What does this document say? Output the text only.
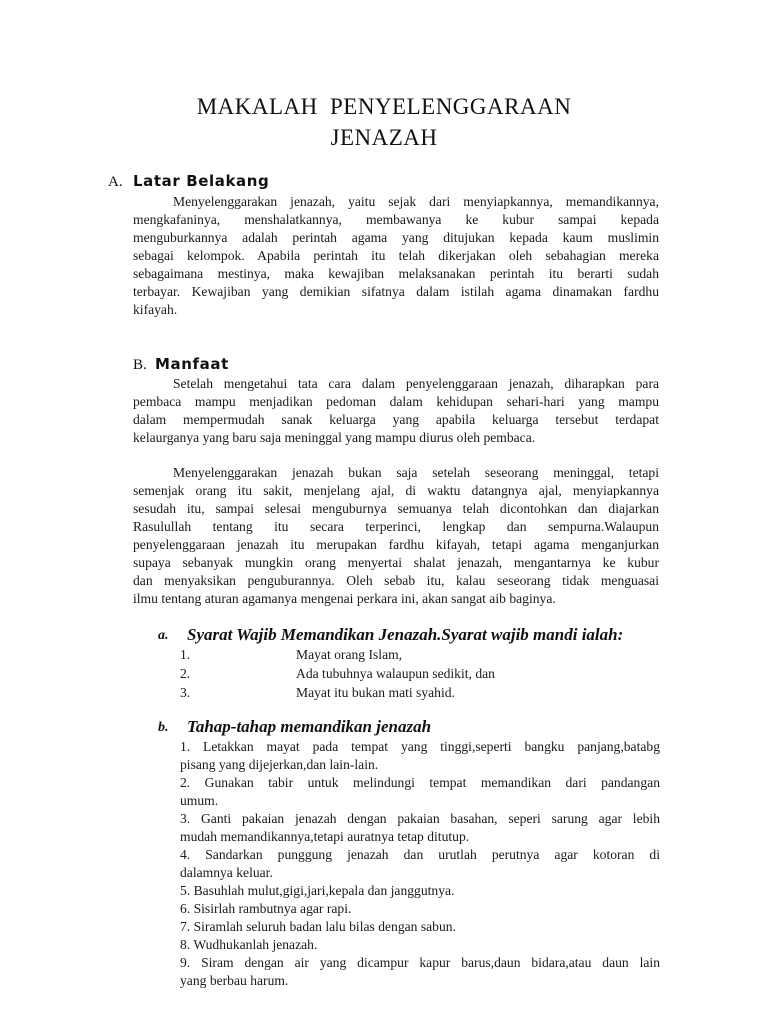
MAKALAH PENYELENGGARAAN
JENAZAH
A. Latar Belakang
Menyelenggarakan jenazah, yaitu sejak dari menyiapkannya, memandikannya,
mengkafaninya, menshalatkannya, membawanya ke kubur sampai kepada
menguburkannya adalah perintah agama yang ditujukan kepada kaum muslimin
sebagai kelompok. Apabila perintah itu telah dikerjakan oleh sebahagian mereka
sebagaimana mestinya, maka kewajiban melaksanakan perintah itu berarti sudah
terbayar. Kewajiban yang demikian sifatnya dalam istilah agama dinamakan fardhu
kifayah.
B. Manfaat
Setelah mengetahui tata cara dalam penyelenggaraan jenazah, diharapkan para
pembaca mampu menjadikan pedoman dalam kehidupan sehari-hari yang mampu
dalam mempermudah sanak keluarga yang apabila keluarga tersebut terdapat
kelaurganya yang baru saja meninggal yang mampu diurus oleh pembaca.
Menyelenggarakan jenazah bukan saja setelah seseorang meninggal, tetapi
semenjak orang itu sakit, menjelang ajal, di waktu datangnya ajal, menyiapkannya
sesudah itu, sampai selesai menguburnya semuanya telah dicontohkan dan diajarkan
Rasulullah tentang itu secara terperinci, lengkap dan sempurna.Walaupun
penyelenggaraan jenazah itu merupakan fardhu kifayah, tetapi agama menganjurkan
supaya sebanyak mungkin orang menyertai shalat jenazah, mengantarnya ke kubur
dan menyaksikan penguburannya. Oleh sebab itu, kalau seseorang tidak menguasai
ilmu tentang aturan agamanya mengenai perkara ini, akan sangat aib baginya.
a. Syarat Wajib Memandikan Jenazah.Syarat wajib mandi ialah:
1.	Mayat orang Islam,
2.	Ada tubuhnya walaupun sedikit, dan
3.	Mayat itu bukan mati syahid.
b. Tahap-tahap memandikan jenazah
1. Letakkan mayat pada tempat yang tinggi,seperti bangku panjang,batabg
pisang yang dijejerkan,dan lain-lain.
2. Gunakan tabir untuk melindungi tempat memandikan dari pandangan
umum.
3. Ganti pakaian jenazah dengan pakaian basahan, seperi sarung agar lebih
mudah memandikannya,tetapi auratnya tetap ditutup.
4. Sandarkan punggung jenazah dan urutlah perutnya agar kotoran di
dalamnya keluar.
5. Basuhlah mulut,gigi,jari,kepala dan janggutnya.
6. Sisirlah rambutnya agar rapi.
7. Siramlah seluruh badan lalu bilas dengan sabun.
8. Wudhukanlah jenazah.
9. Siram dengan air yang dicampur kapur barus,daun bidara,atau daun lain
yang berbau harum.
